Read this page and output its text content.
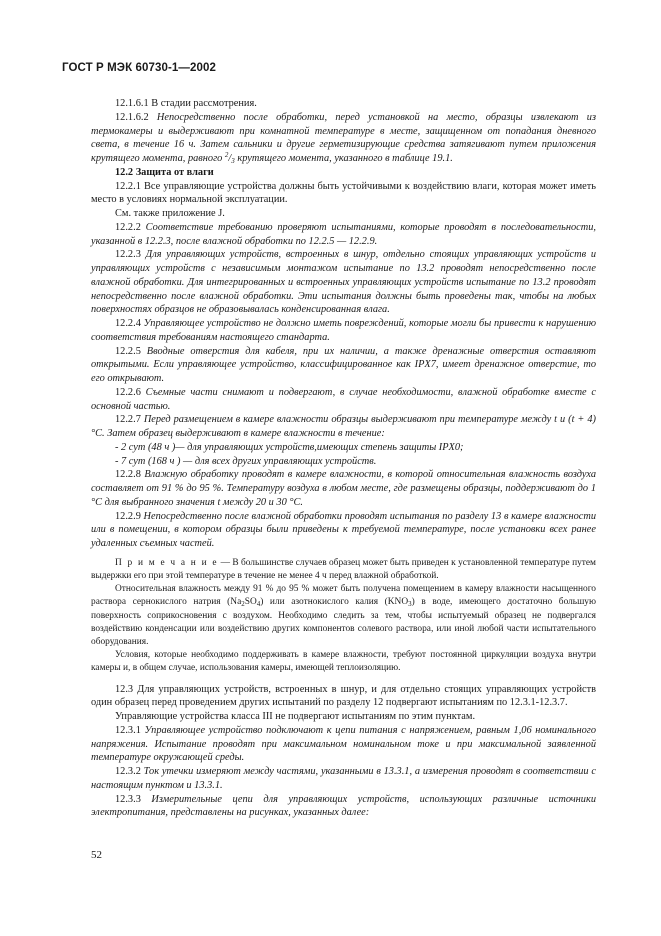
ГОСТ Р МЭК 60730-1—2002

12.1.6.1 В стадии рассмотрения.

12.1.6.2 Непосредственно после обработки, перед установкой на место, образцы извлекают из термокамеры и выдерживают при комнатной температуре в месте, защищенном от попадания дневного света, в течение 16 ч. Затем сальники и другие герметизирующие средства затягивают путем приложения крутящего момента, равного $^2/_3$ крутящего момента, указанного в таблице 19.1.

12.2 Защита от влаги

12.2.1 Все управляющие устройства должны быть устойчивыми к воздействию влаги, которая может иметь место в условиях нормальной эксплуатации.

См. также приложение J.

12.2.2 Соответствие требованию проверяют испытаниями, которые проводят в последовательности, указанной в 12.2.3, после влажной обработки по 12.2.5 — 12.2.9.

12.2.3 Для управляющих устройств, встроенных в шнур, отдельно стоящих управляющих устройств и управляющих устройств с независимым монтажом испытание по 13.2 проводят непосредственно после влажной обработки. Для интегрированных и встроенных управляющих устройств испытание по 13.2 проводят непосредственно после влажной обработки. Эти испытания должны быть проведены так, чтобы на любых поверхностях образцов не образовывалась конденсированная влага.

12.2.4 Управляющее устройство не должно иметь повреждений, которые могли бы привести к нарушению соответствия требованиям настоящего стандарта.

12.2.5 Вводные отверстия для кабеля, при их наличии, а также дренажные отверстия оставляют открытыми. Если управляющее устройство, классифицированное как IPX7, имеет дренажное отверстие, то его открывают.

12.2.6 Съемные части снимают и подвергают, в случае необходимости, влажной обработке вместе с основной частью.

12.2.7 Перед размещением в камере влажности образцы выдерживают при температуре между t и (t + 4) °C. Затем образец выдерживают в камере влажности в течение:

- 2 сут (48 ч )— для управляющих устройств,имеющих степень защиты IPX0;

- 7 сут (168 ч ) — для всех других управляющих устройств.

12.2.8 Влажную обработку проводят в камере влажности, в которой относительная влажность воздуха составляет от 91 % до 95 %. Температуру воздуха в любом месте, где размещены образцы, поддерживают до 1 °C для выбранного значения t между 20 и 30 °C.

12.2.9 Непосредственно после влажной обработки проводят испытания по разделу 13 в камере влажности или в помещении, в котором образцы были приведены к требуемой температуре, после установки всех ранее удаленных съемных частей.

П р и м е ч а н и е — В большинстве случаев образец может быть приведен к установленной температуре путем выдержки его при этой температуре в течение не менее 4 ч перед влажной обработкой.

Относительная влажность между 91 % до 95 % может быть получена помещением в камеру влажности насыщенного раствора сернокислого натрия $(Na_2SO_4)$ или азотнокислого калия $(KNO_3)$ в воде, имеющего достаточно большую поверхность соприкосновения с воздухом. Необходимо следить за тем, чтобы испытуемый образец не подвергался воздействию конденсации или воздействию других компонентов солевого раствора, или иной любой части испытательного оборудования.

Условия, которые необходимо поддерживать в камере влажности, требуют постоянной циркуляции воздуха внутри камеры и, в общем случае, использования камеры, имеющей теплоизоляцию.

12.3 Для управляющих устройств, встроенных в шнур, и для отдельно стоящих управляющих устройств один образец перед проведением других испытаний по разделу 12 подвергают испытаниям по 12.3.1-12.3.7.

Управляющие устройства класса III не подвергают испытаниям по этим пунктам.

12.3.1 Управляющее устройство подключают к цепи питания с напряжением, равным 1,06 номинального напряжения. Испытание проводят при максимальном номинальном токе и при максимальной заявленной температуре окружающей среды.

12.3.2 Ток утечки измеряют между частями, указанными в 13.3.1, а измерения проводят в соответствии с настоящим пунктом и 13.3.1.

12.3.3 Измерительные цепи для управляющих устройств, использующих различные источники электропитания, представлены на рисунках, указанных далее:

52
